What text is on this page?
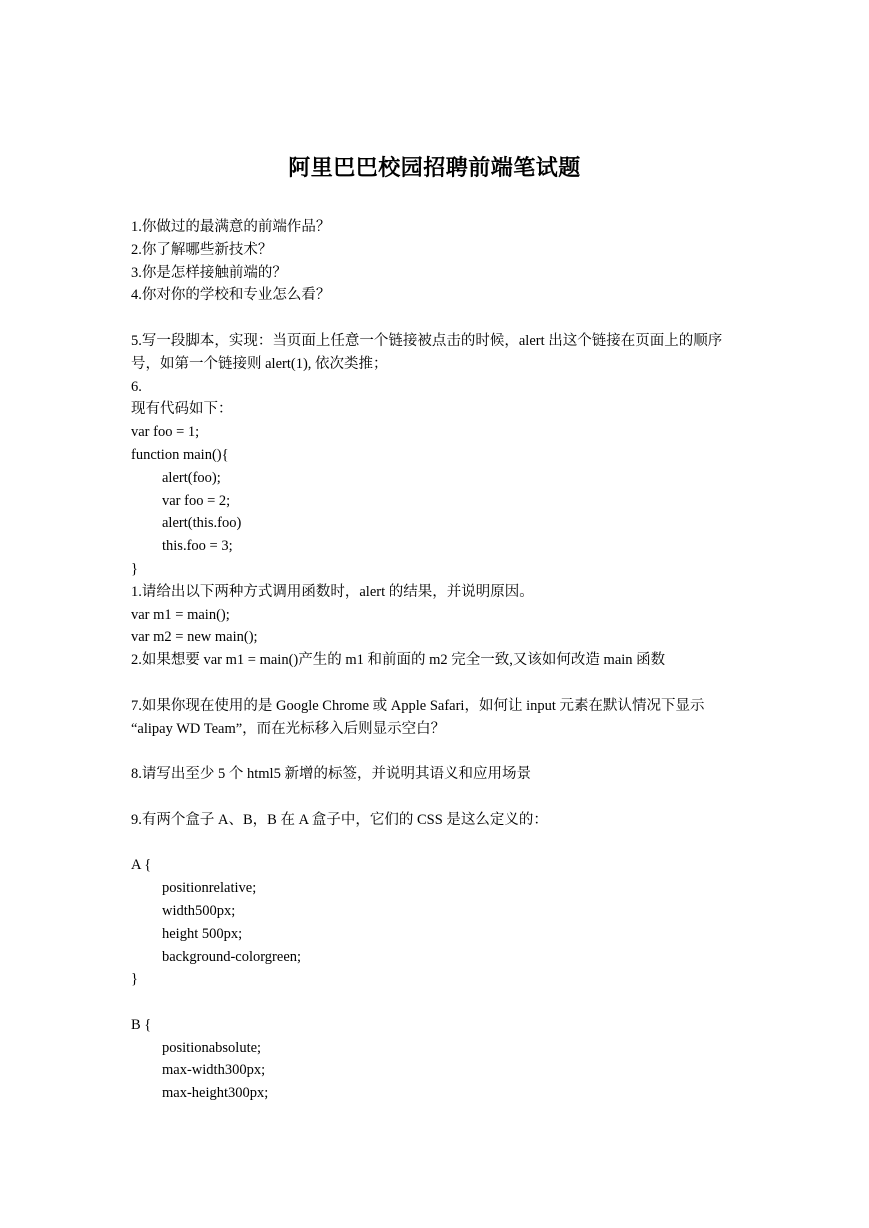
阿里巴巴校园招聘前端笔试题
1.你做过的最满意的前端作品？
2.你了解哪些新技术？
3.你是怎样接触前端的？
4.你对你的学校和专业怎么看？
5.写一段脚本，实现：当页面上任意一个链接被点击的时候，alert 出这个链接在页面上的顺序号，如第一个链接则 alert(1), 依次类推；
6.
现有代码如下：
var foo = 1;
function main(){
alert(foo);
var foo = 2;
alert(this.foo)
this.foo = 3;
}
1.请给出以下两种方式调用函数时，alert 的结果，并说明原因。
var m1 = main();
var m2 = new main();
2.如果想要 var m1 = main()产生的 m1 和前面的 m2 完全一致,又该如何改造 main 函数
7.如果你现在使用的是 Google Chrome 或 Apple Safari，如何让 input 元素在默认情况下显示 “alipay WD Team”，而在光标移入后则显示空白？
8.请写出至少 5 个 html5 新增的标签，并说明其语义和应用场景
9.有两个盒子 A、B，B 在 A 盒子中，它们的 CSS 是这么定义的：
A {
positionrelative;
width500px;
height 500px;
background-colorgreen;
}
B {
positionabsolute;
max-width300px;
max-height300px;
